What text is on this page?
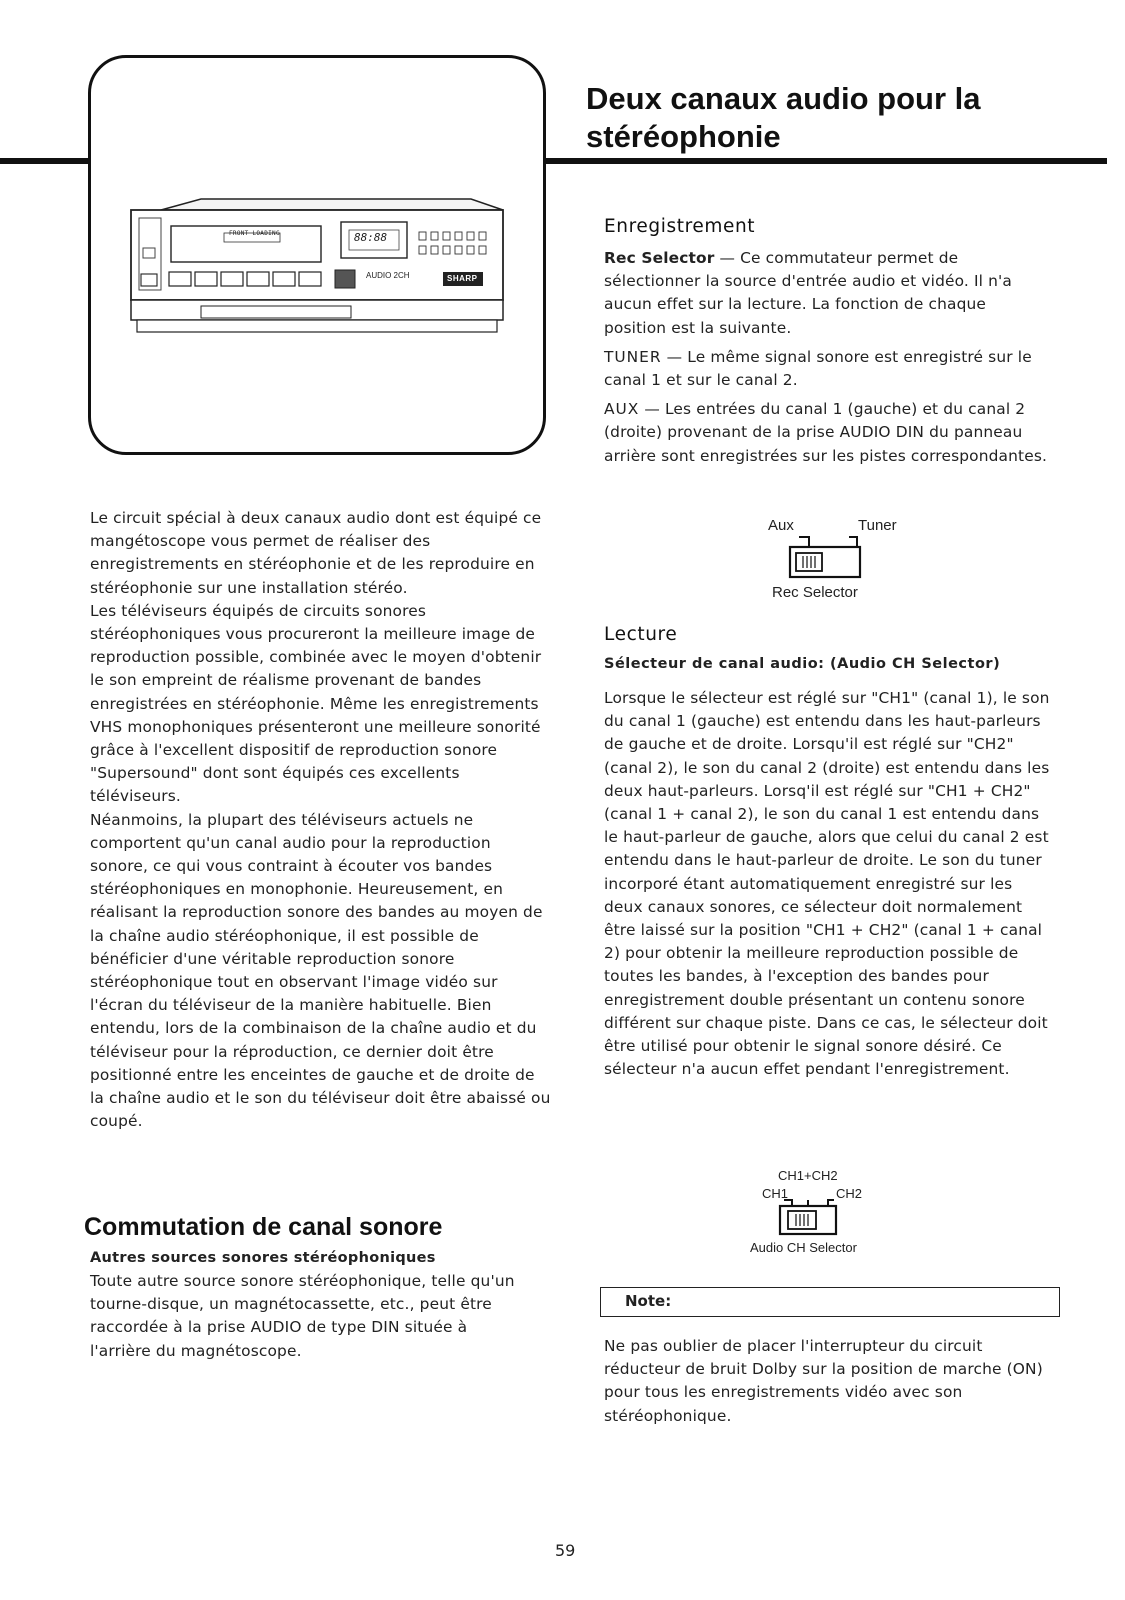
FRONT LOADING	88:88
AUDIO 2CH	SHARP
Deux canaux audio pour la stéréophonie

Le circuit spécial à deux canaux audio dont est équipé ce mangétoscope vous permet de réaliser des enregistrements en stéréophonie et de les reproduire en stéréophonie sur une installation stéréo.

Les téléviseurs équipés de circuits sonores stéréophoniques vous procureront la meilleure image de reproduction possible, combinée avec le moyen d'obtenir le son empreint de réalisme provenant de bandes enregistrées en stéréophonie. Même les enregistrements VHS monophoniques présenteront une meilleure sonorité grâce à l'excellent dispositif de reproduction sonore "Supersound" dont sont équipés ces excellents téléviseurs.

Néanmoins, la plupart des téléviseurs actuels ne comportent qu'un canal audio pour la reproduction sonore, ce qui vous contraint à écouter vos bandes stéréophoniques en monophonie. Heureusement, en réalisant la reproduction sonore des bandes au moyen de la chaîne audio stéréophonique, il est possible de bénéficier d'une véritable reproduction sonore stéréophonique tout en observant l'image vidéo sur l'écran du téléviseur de la manière habituelle. Bien entendu, lors de la combinaison de la chaîne audio et du téléviseur pour la réproduction, ce dernier doit être positionné entre les enceintes de gauche et de droite de la chaîne audio et le son du téléviseur doit être abaissé ou coupé.

Commutation de canal sonore
Autres sources sonores stéréophoniques
Toute autre source sonore stéréophonique, telle qu'un tourne-disque, un magnétocassette, etc., peut être raccordée à la prise AUDIO de type DIN située à l'arrière du magnétoscope.
Enregistrement

Rec Selector — Ce commutateur permet de sélectionner la source d'entrée audio et vidéo. Il n'a aucun effet sur la lecture. La fonction de chaque position est la suivante.

TUNER — Le même signal sonore est enregistré sur le canal 1 et sur le canal 2.

AUX — Les entrées du canal 1 (gauche) et du canal 2 (droite) provenant de la prise AUDIO DIN du panneau arrière sont enregistrées sur les pistes correspondantes.

Aux	Tuner
Rec Selector
Lecture
Sélecteur de canal audio: (Audio CH Selector)
Lorsque le sélecteur est réglé sur "CH1" (canal 1), le son du canal 1 (gauche) est entendu dans les haut-parleurs de gauche et de droite. Lorsqu'il est réglé sur "CH2" (canal 2), le son du canal 2 (droite) est entendu dans les deux haut-parleurs. Lorsq'il est réglé sur "CH1 + CH2" (canal 1 + canal 2), le son du canal 1 est entendu dans le haut-parleur de gauche, alors que celui du canal 2 est entendu dans le haut-parleur de droite. Le son du tuner incorporé étant automatiquement enregistré sur les deux canaux sonores, ce sélecteur doit normalement être laissé sur la position "CH1 + CH2" (canal 1 + canal 2) pour obtenir la meilleure reproduction possible de toutes les bandes, à l'exception des bandes pour enregistrement double présentant un contenu sonore différent sur chaque piste. Dans ce cas, le sélecteur doit être utilisé pour obtenir le signal sonore désiré. Ce sélecteur n'a aucun effet pendant l'enregistrement.
CH1+CH2
CH1	CH2
Audio CH Selector
Note:
Ne pas oublier de placer l'interrupteur du circuit réducteur de bruit Dolby sur la position de marche (ON) pour tous les enregistrements vidéo avec son stéréophonique.
59
